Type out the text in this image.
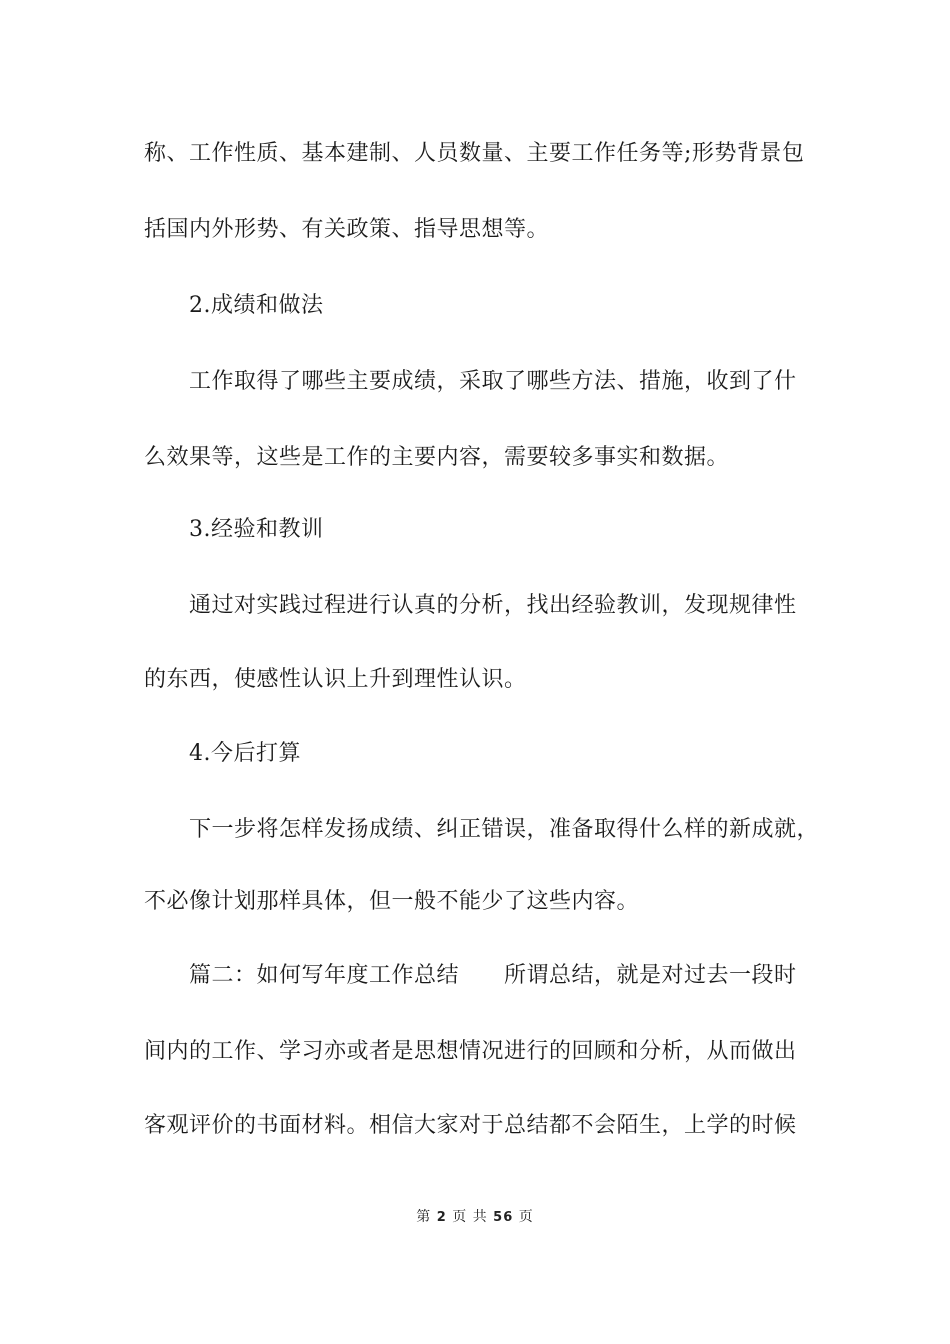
称、工作性质、基本建制、人员数量、主要工作任务等;形势背景包
括国内外形势、有关政策、指导思想等。
2.成绩和做法
工作取得了哪些主要成绩，采取了哪些方法、措施，收到了什
么效果等，这些是工作的主要内容，需要较多事实和数据。
3.经验和教训
通过对实践过程进行认真的分析，找出经验教训，发现规律性
的东西，使感性认识上升到理性认识。
4.今后打算
下一步将怎样发扬成绩、纠正错误，准备取得什么样的新成就，
不必像计划那样具体，但一般不能少了这些内容。
篇二：如何写年度工作总结　　所谓总结，就是对过去一段时
间内的工作、学习亦或者是思想情况进行的回顾和分析，从而做出
客观评价的书面材料。相信大家对于总结都不会陌生，上学的时候
第 2 页 共 56 页
